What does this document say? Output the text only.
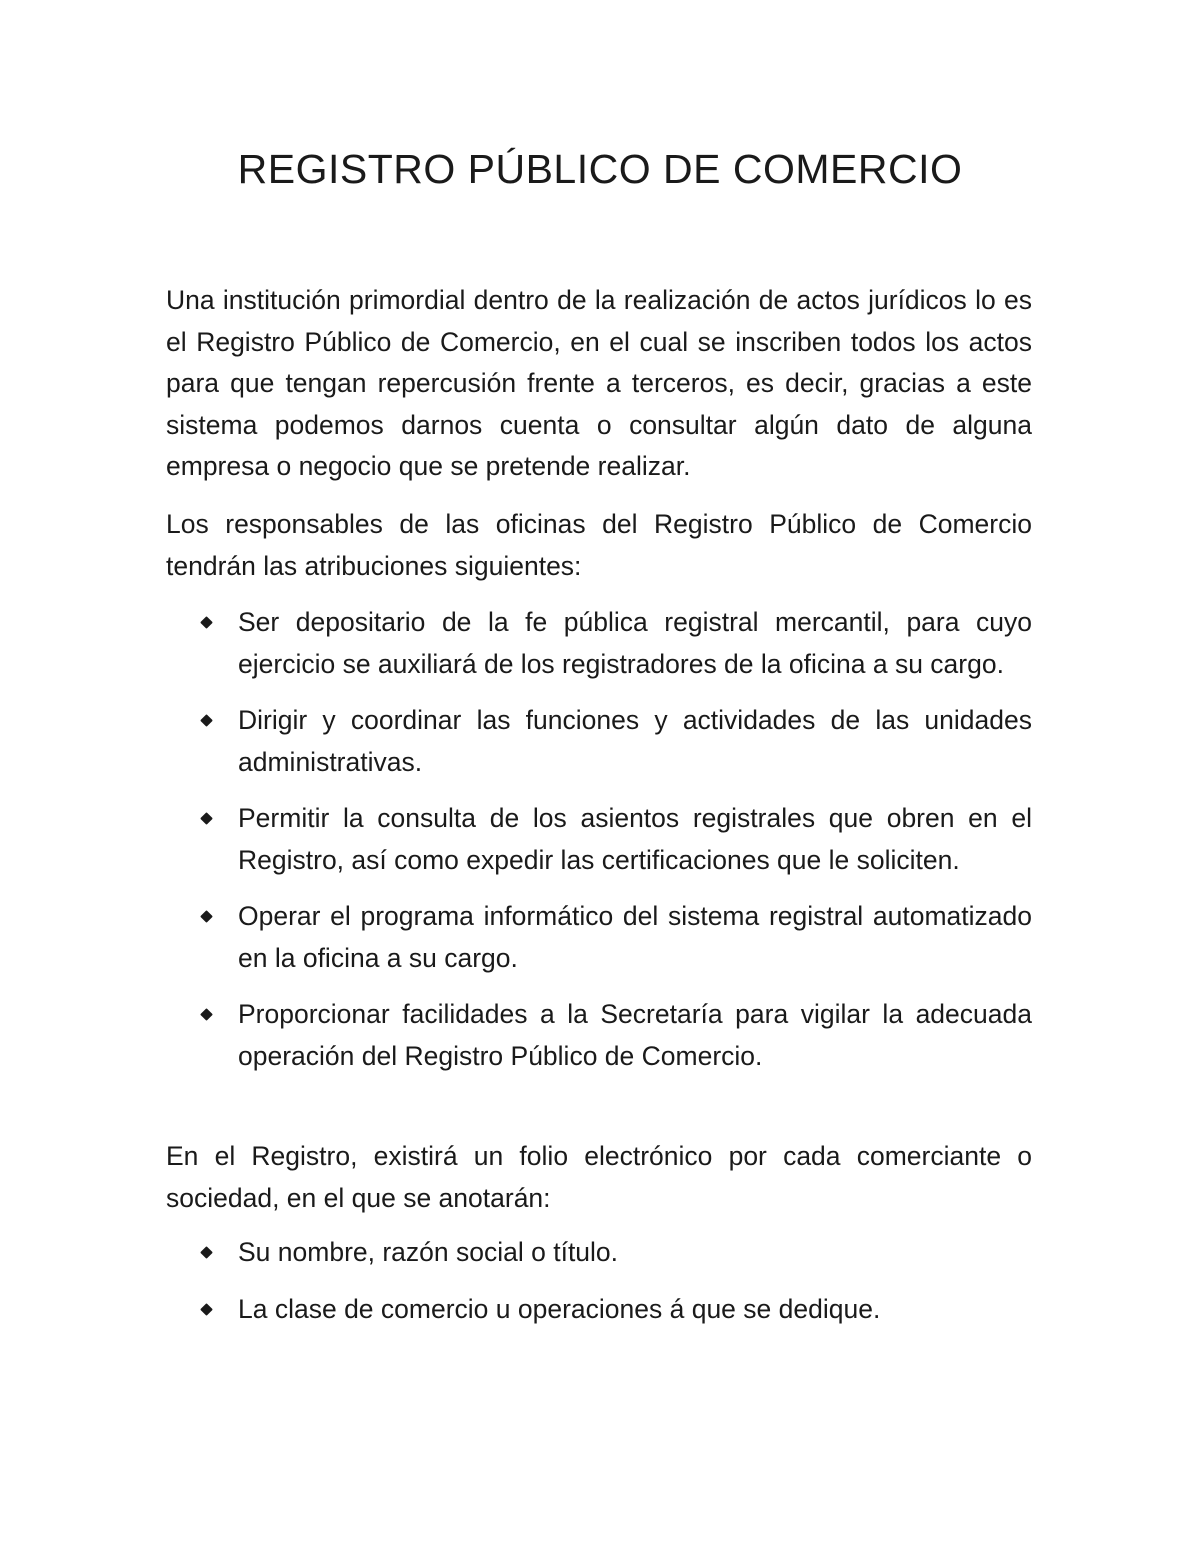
REGISTRO PÚBLICO DE COMERCIO

Una institución primordial dentro de la realización de actos jurídicos lo es el Registro Público de Comercio, en el cual se inscriben todos los actos para que tengan repercusión frente a terceros, es decir, gracias a este sistema podemos darnos cuenta o consultar algún dato de alguna empresa o negocio que se pretende realizar.

Los responsables de las oficinas del Registro Público de Comercio tendrán las atribuciones siguientes:

Ser depositario de la fe pública registral mercantil, para cuyo ejercicio se auxiliará de los registradores de la oficina a su cargo.
Dirigir y coordinar las funciones y actividades de las unidades administrativas.
Permitir la consulta de los asientos registrales que obren en el Registro, así como expedir las certificaciones que le soliciten.
Operar el programa informático del sistema registral automatizado en la oficina a su cargo.
Proporcionar facilidades a la Secretaría para vigilar la adecuada operación del Registro Público de Comercio.

En el Registro, existirá un folio electrónico por cada comerciante o sociedad, en el que se anotarán:

Su nombre, razón social o título.
La clase de comercio u operaciones á que se dedique.
